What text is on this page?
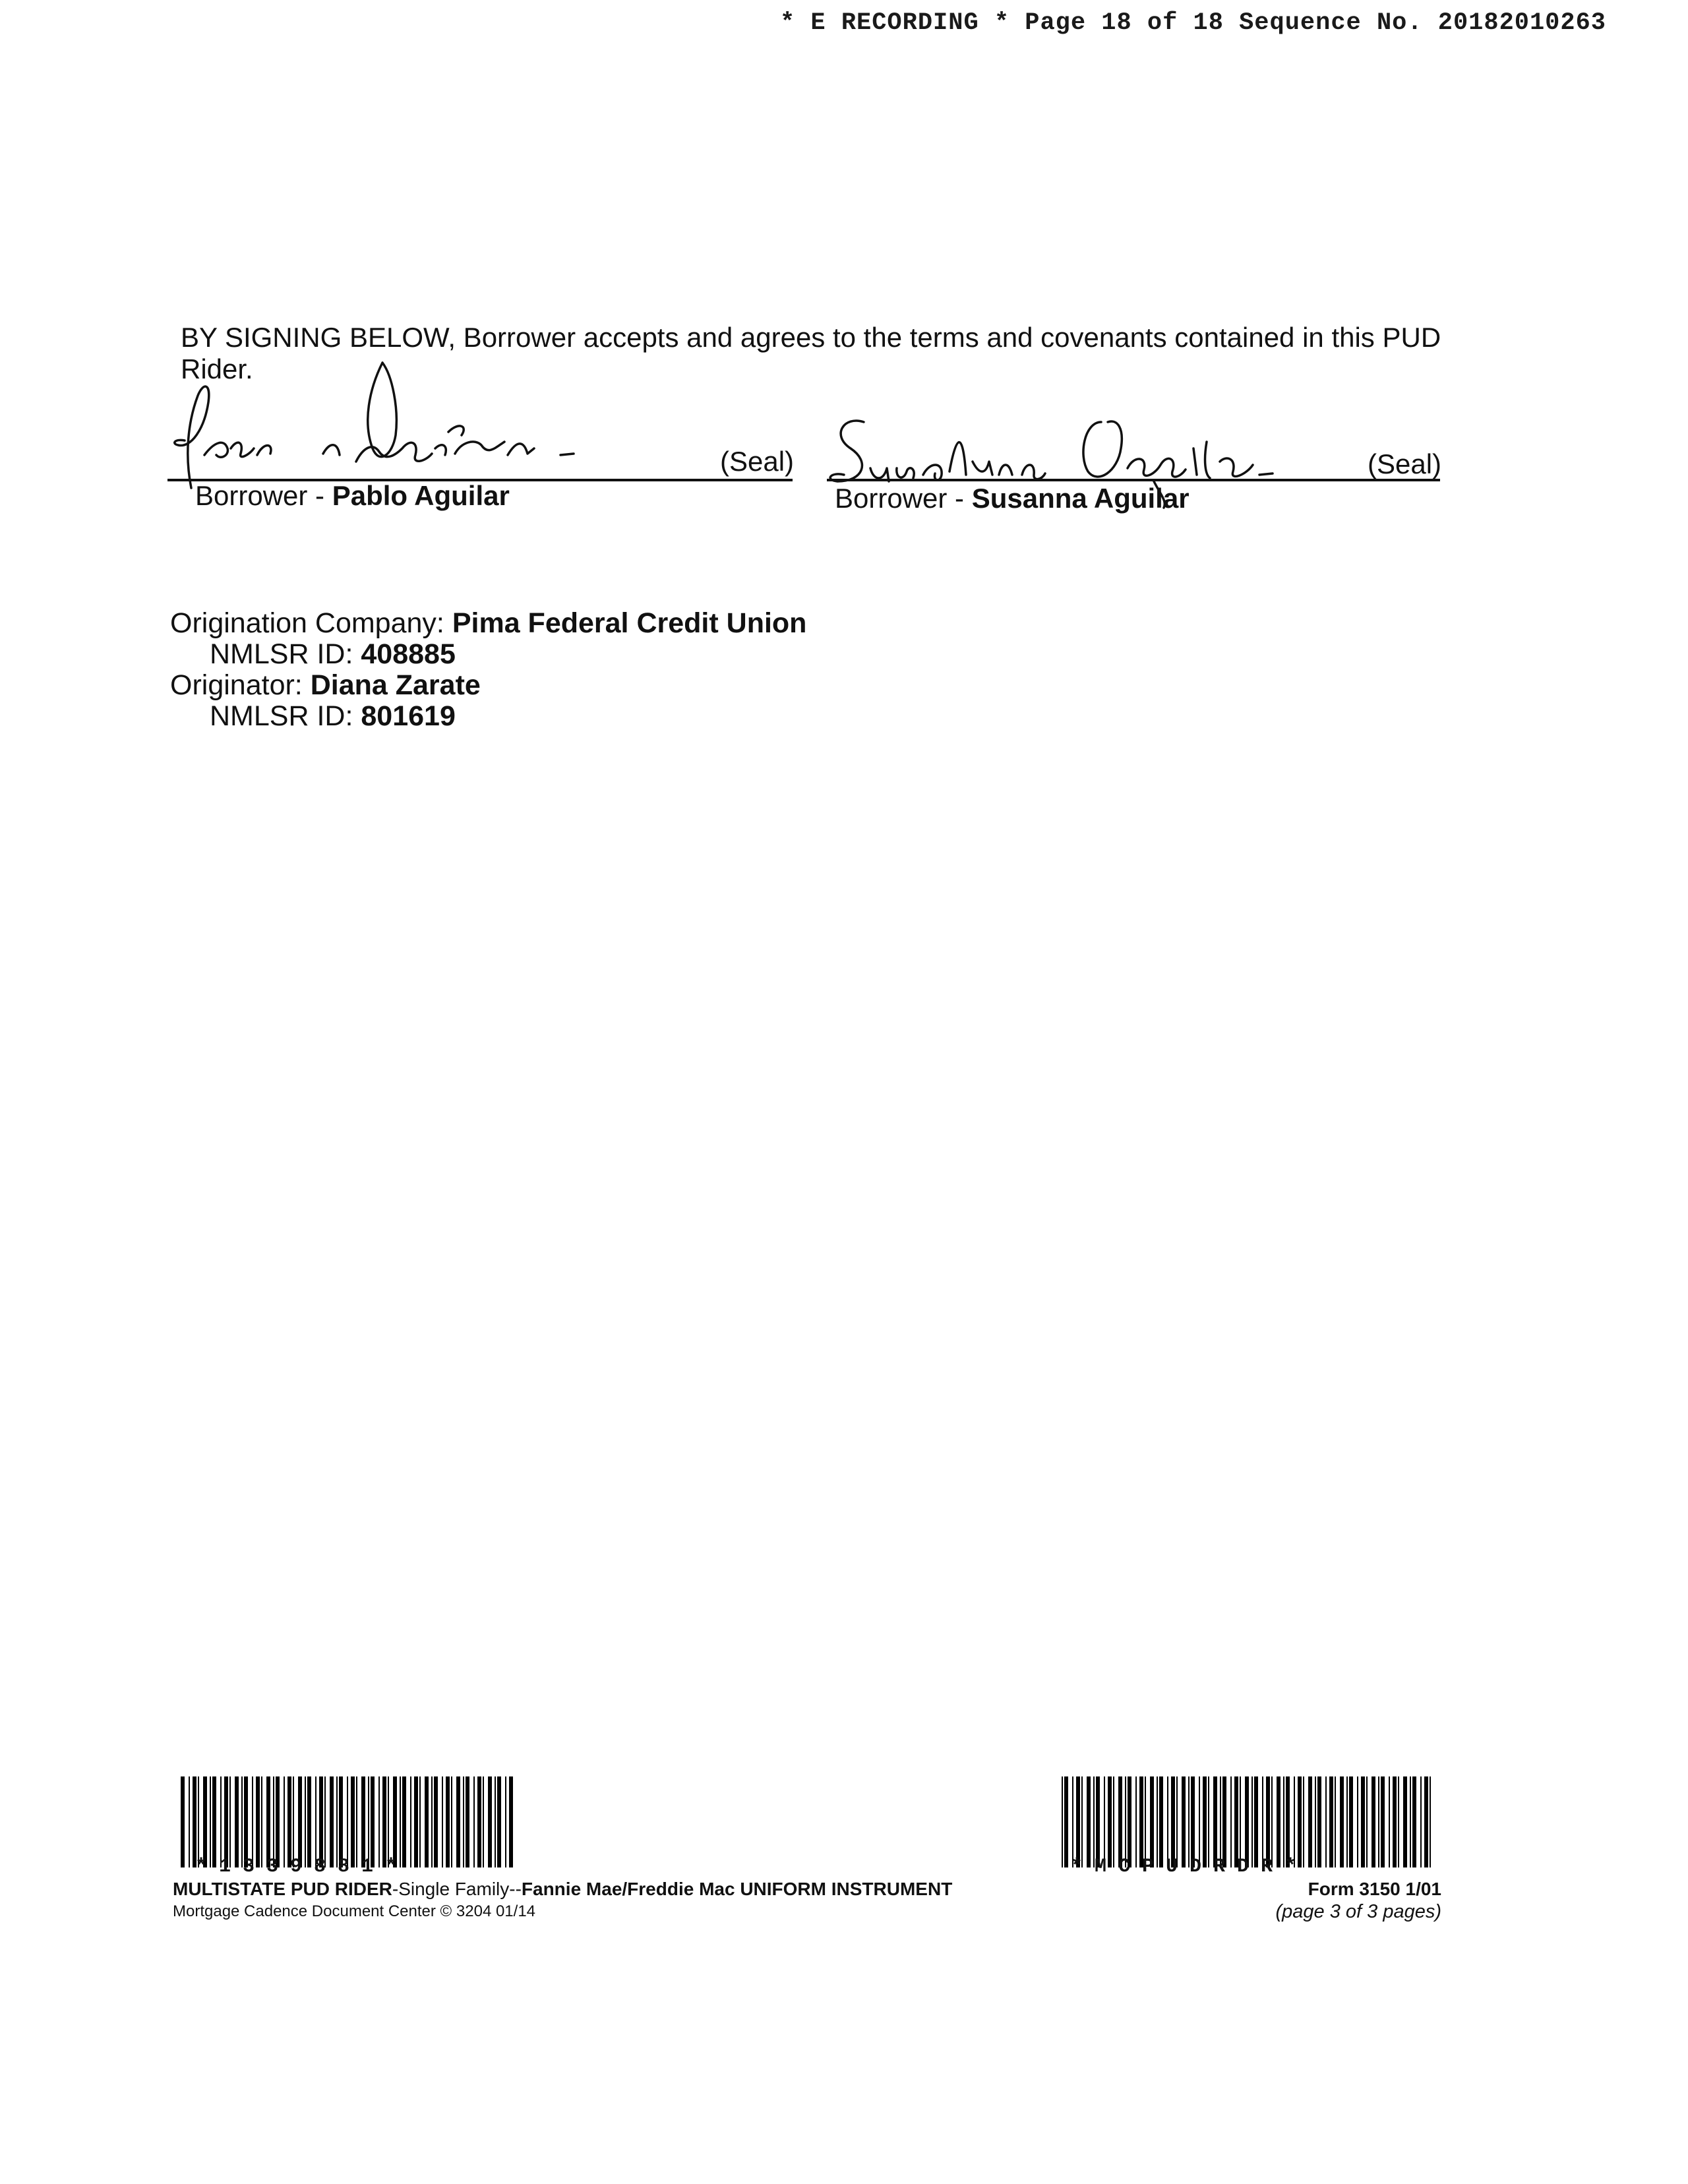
* E RECORDING * Page 18 of 18 Sequence No. 20182010263
BY SIGNING BELOW, Borrower accepts and agrees to the terms and covenants contained in this PUD Rider.
(Seal)
Borrower - Pablo Aguilar
(Seal)
Borrower - Susanna Aguilar
Origination Company: Pima Federal Credit Union
NMLSR ID: 408885
Originator: Diana Zarate
NMLSR ID: 801619
* 1 3 3 9 8 8 1 *	* M C P U D R D R *
MULTISTATE PUD RIDER-Single Family--Fannie Mae/Freddie Mac UNIFORM INSTRUMENT
Mortgage Cadence Document Center © 3204 01/14
Form 3150 1/01
(page 3 of 3 pages)
